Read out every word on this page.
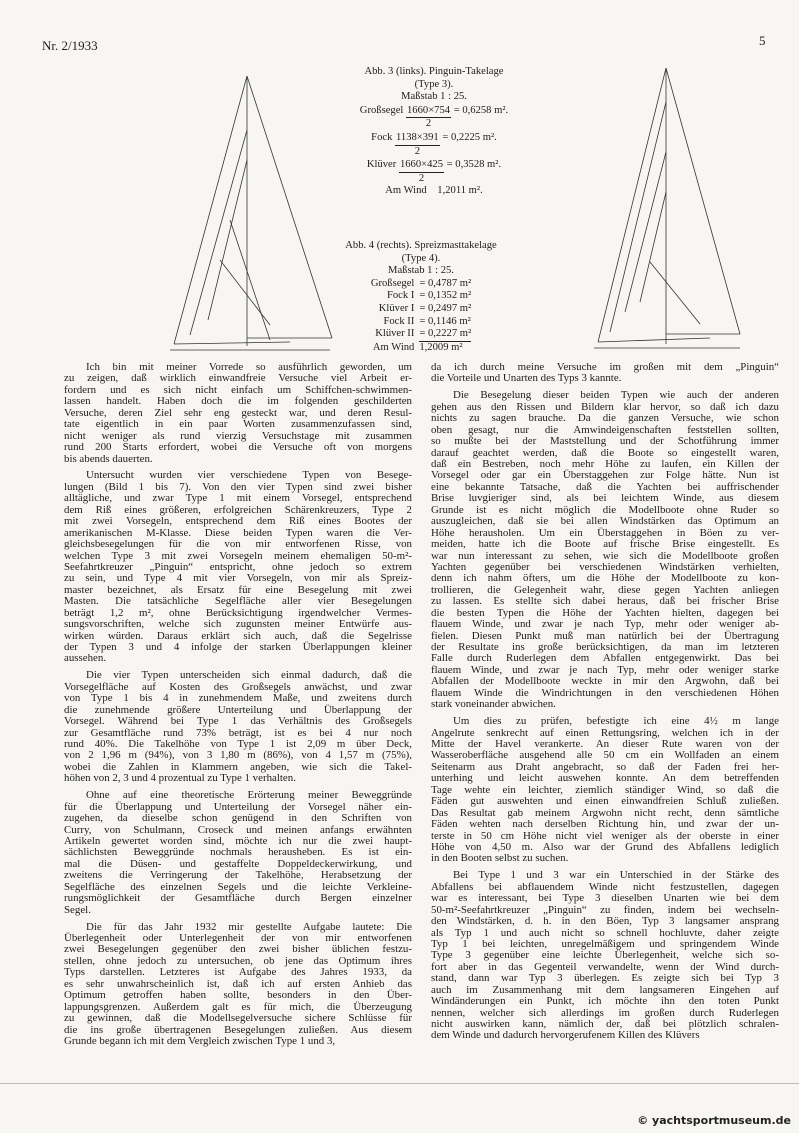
Nr. 2/1933	5
Abb. 3 (links). Pinguin-Takelage
(Type 3).
Maßstab 1 : 25.
Großsegel $\frac{1660\times 754}{2} = 0,6258$ m².
Fock $\frac{1138\times 391}{2} = 0,2225$ m².
Klüver $\frac{1660\times 425}{2} = 0,3528$ m².
Am Wind 1,2011 m².
Abb. 4 (rechts). Spreizmasttakelage
(Type 4).
Maßstab 1 : 25.
Großsegel = 0,4787 m²
Fock I = 0,1352 m²
Klüver I = 0,2497 m²
Fock II = 0,1146 m²
Klüver II = 0,2227 m²
Am Wind 1,2009 m²
Ich bin mit meiner Vorrede so ausführlich geworden, um
zu zeigen, daß wirklich einwandfreie Versuche viel Arbeit er-
fordern und es sich nicht einfach um Schiffchen-schwimmen-
lassen handelt. Haben doch die im folgenden geschilderten
Versuche, deren Ziel sehr eng gesteckt war, und deren Resul-
tate eigentlich in ein paar Worten zusammenzufassen sind,
nicht weniger als rund vierzig Versuchstage mit zusammen
rund 200 Starts erfordert, wobei die Versuche oft von morgens
bis abends dauerten.
Untersucht wurden vier verschiedene Typen von Besege-
lungen (Bild 1 bis 7). Von den vier Typen sind zwei bisher
alltägliche, und zwar Type 1 mit einem Vorsegel, entsprechend
dem Riß eines größeren, erfolgreichen Schärenkreuzers, Type 2
mit zwei Vorsegeln, entsprechend dem Riß eines Bootes der
amerikanischen M-Klasse. Diese beiden Typen waren die Ver-
gleichsbesegelungen für die von mir entworfenen Risse, von
welchen Type 3 mit zwei Vorsegeln meinem ehemaligen 50-m²-
Seefahrtkreuzer „Pinguin“ entspricht, ohne jedoch so extrem
zu sein, und Type 4 mit vier Vorsegeln, von mir als Spreiz-
master bezeichnet, als Ersatz für eine Besegelung mit zwei
Masten. Die tatsächliche Segelfläche aller vier Besegelungen
beträgt 1,2 m², ohne Berücksichtigung irgendwelcher Vermes-
sungsvorschriften, welche sich zugunsten meiner Entwürfe aus-
wirken würden. Daraus erklärt sich auch, daß die Segelrisse
der Typen 3 und 4 infolge der starken Überlappungen kleiner
aussehen.
Die vier Typen unterscheiden sich einmal dadurch, daß die
Vorsegelfläche auf Kosten des Großsegels anwächst, und zwar
von Type 1 bis 4 in zunehmendem Maße, und zweitens durch
die zunehmende größere Unterteilung und Überlappung der
Vorsegel. Während bei Type 1 das Verhältnis des Großsegels
zur Gesamtfläche rund 73% beträgt, ist es bei 4 nur noch
rund 40%. Die Takelhöhe von Type 1 ist 2,09 m über Deck,
von 2 1,96 m (94%), von 3 1,80 m (86%), von 4 1,57 m (75%),
wobei die Zahlen in Klammern angeben, wie sich die Takel-
höhen von 2, 3 und 4 prozentual zu Type 1 verhalten.
Ohne auf eine theoretische Erörterung meiner Beweggründe
für die Überlappung und Unterteilung der Vorsegel näher ein-
zugehen, da dieselbe schon genügend in den Schriften von
Curry, von Schulmann, Croseck und meinen anfangs erwähnten
Artikeln gewertet worden sind, möchte ich nur die zwei haupt-
sächlichsten Beweggründe nochmals herausheben. Es ist ein-
mal die Düsen- und gestaffelte Doppeldeckerwirkung, und
zweitens die Verringerung der Takelhöhe, Herabsetzung der
Segelfläche des einzelnen Segels und die leichte Verkleine-
rungsmöglichkeit der Gesamtfläche durch Bergen einzelner
Segel.
Die für das Jahr 1932 mir gestellte Aufgabe lautete: Die
Überlegenheit oder Unterlegenheit der von mir entworfenen
zwei Besegelungen gegenüber den zwei bisher üblichen festzu-
stellen, ohne jedoch zu untersuchen, ob jene das Optimum ihres
Typs darstellen. Letzteres ist Aufgabe des Jahres 1933, da
es sehr unwahrscheinlich ist, daß ich auf ersten Anhieb das
Optimum getroffen haben sollte, besonders in den Über-
lappungsgrenzen. Außerdem galt es für mich, die Überzeugung
zu gewinnen, daß die Modellsegelversuche sichere Schlüsse für
die ins große übertragenen Besegelungen zuließen. Aus diesem
Grunde begann ich mit dem Vergleich zwischen Type 1 und 3,
da ich durch meine Versuche im großen mit dem „Pinguin“
die Vorteile und Unarten des Typs 3 kannte.
Die Besegelung dieser beiden Typen wie auch der anderen
gehen aus den Rissen und Bildern klar hervor, so daß ich dazu
nichts zu sagen brauche. Da die ganzen Versuche, wie schon
oben gesagt, nur die Amwindeigenschaften feststellen sollten,
so mußte bei der Maststellung und der Schotführung immer
darauf geachtet werden, daß die Boote so eingestellt waren,
daß ein Bestreben, noch mehr Höhe zu laufen, ein Killen der
Vorsegel oder gar ein Überstaggehen zur Folge hätte. Nun ist
eine bekannte Tatsache, daß die Yachten bei auffrischender
Brise luvgieriger sind, als bei leichtem Winde, aus diesem
Grunde ist es nicht möglich die Modellboote ohne Ruder so
auszugleichen, daß sie bei allen Windstärken das Optimum an
Höhe herausholen. Um ein Überstaggehen in Böen zu ver-
meiden, hatte ich die Boote auf frische Brise eingestellt. Es
war nun interessant zu sehen, wie sich die Modellboote großen
Yachten gegenüber bei verschiedenen Windstärken verhielten,
denn ich nahm öfters, um die Höhe der Modellboote zu kon-
trollieren, die Gelegenheit wahr, diese gegen Yachten anliegen
zu lassen. Es stellte sich dabei heraus, daß bei frischer Brise
die besten Typen die Höhe der Yachten hielten, dagegen bei
flauem Winde, und zwar je nach Typ, mehr oder weniger ab-
fielen. Diesen Punkt muß man natürlich bei der Übertragung
der Resultate ins große berücksichtigen, da man im letzteren
Falle durch Ruderlegen dem Abfallen entgegenwirkt. Das bei
flauem Winde, und zwar je nach Typ, mehr oder weniger starke
Abfallen der Modellboote weckte in mir den Argwohn, daß bei
flauem Winde die Windrichtungen in den verschiedenen Höhen
stark voneinander abwichen.
Um dies zu prüfen, befestigte ich eine 4½ m lange
Angelrute senkrecht auf einen Rettungsring, welchen ich in der
Mitte der Havel verankerte. An dieser Rute waren von der
Wasseroberfläche ausgehend alle 50 cm ein Wollfaden an einem
Seitenarm aus Draht angebracht, so daß der Faden frei her-
unterhing und leicht auswehen konnte. An dem betreffenden
Tage wehte ein leichter, ziemlich ständiger Wind, so daß die
Fäden gut auswehten und einen einwandfreien Schluß zuließen.
Das Resultat gab meinem Argwohn nicht recht, denn sämtliche
Fäden wehten nach derselben Richtung hin, und zwar der un-
terste in 50 cm Höhe nicht viel weniger als der oberste in einer
Höhe von 4,50 m. Also war der Grund des Abfallens lediglich
in den Booten selbst zu suchen.
Bei Type 1 und 3 war ein Unterschied in der Stärke des
Abfallens bei abflauendem Winde nicht festzustellen, dagegen
war es interessant, bei Type 3 dieselben Unarten wie bei dem
50-m²-Seefahrtkreuzer „Pinguin“ zu finden, indem bei wechseln-
den Windstärken, d. h. in den Böen, Typ 3 langsamer ansprang
als Typ 1 und auch nicht so schnell hochluvte, daher zeigte
Typ 1 bei leichten, unregelmäßigem und springendem Winde
Type 3 gegenüber eine leichte Überlegenheit, welche sich so-
fort aber in das Gegenteil verwandelte, wenn der Wind durch-
stand, dann war Typ 3 überlegen. Es zeigte sich bei Typ 3
auch im Zusammenhang mit dem langsameren Eingehen auf
Windänderungen ein Punkt, ich möchte ihn den toten Punkt
nennen, welcher sich allerdings im großen durch Ruderlegen
nicht auswirken kann, nämlich der, daß bei plötzlich schralen-
dem Winde und dadurch hervorgerufenem Killen des Klüvers
© yachtsportmuseum.de
